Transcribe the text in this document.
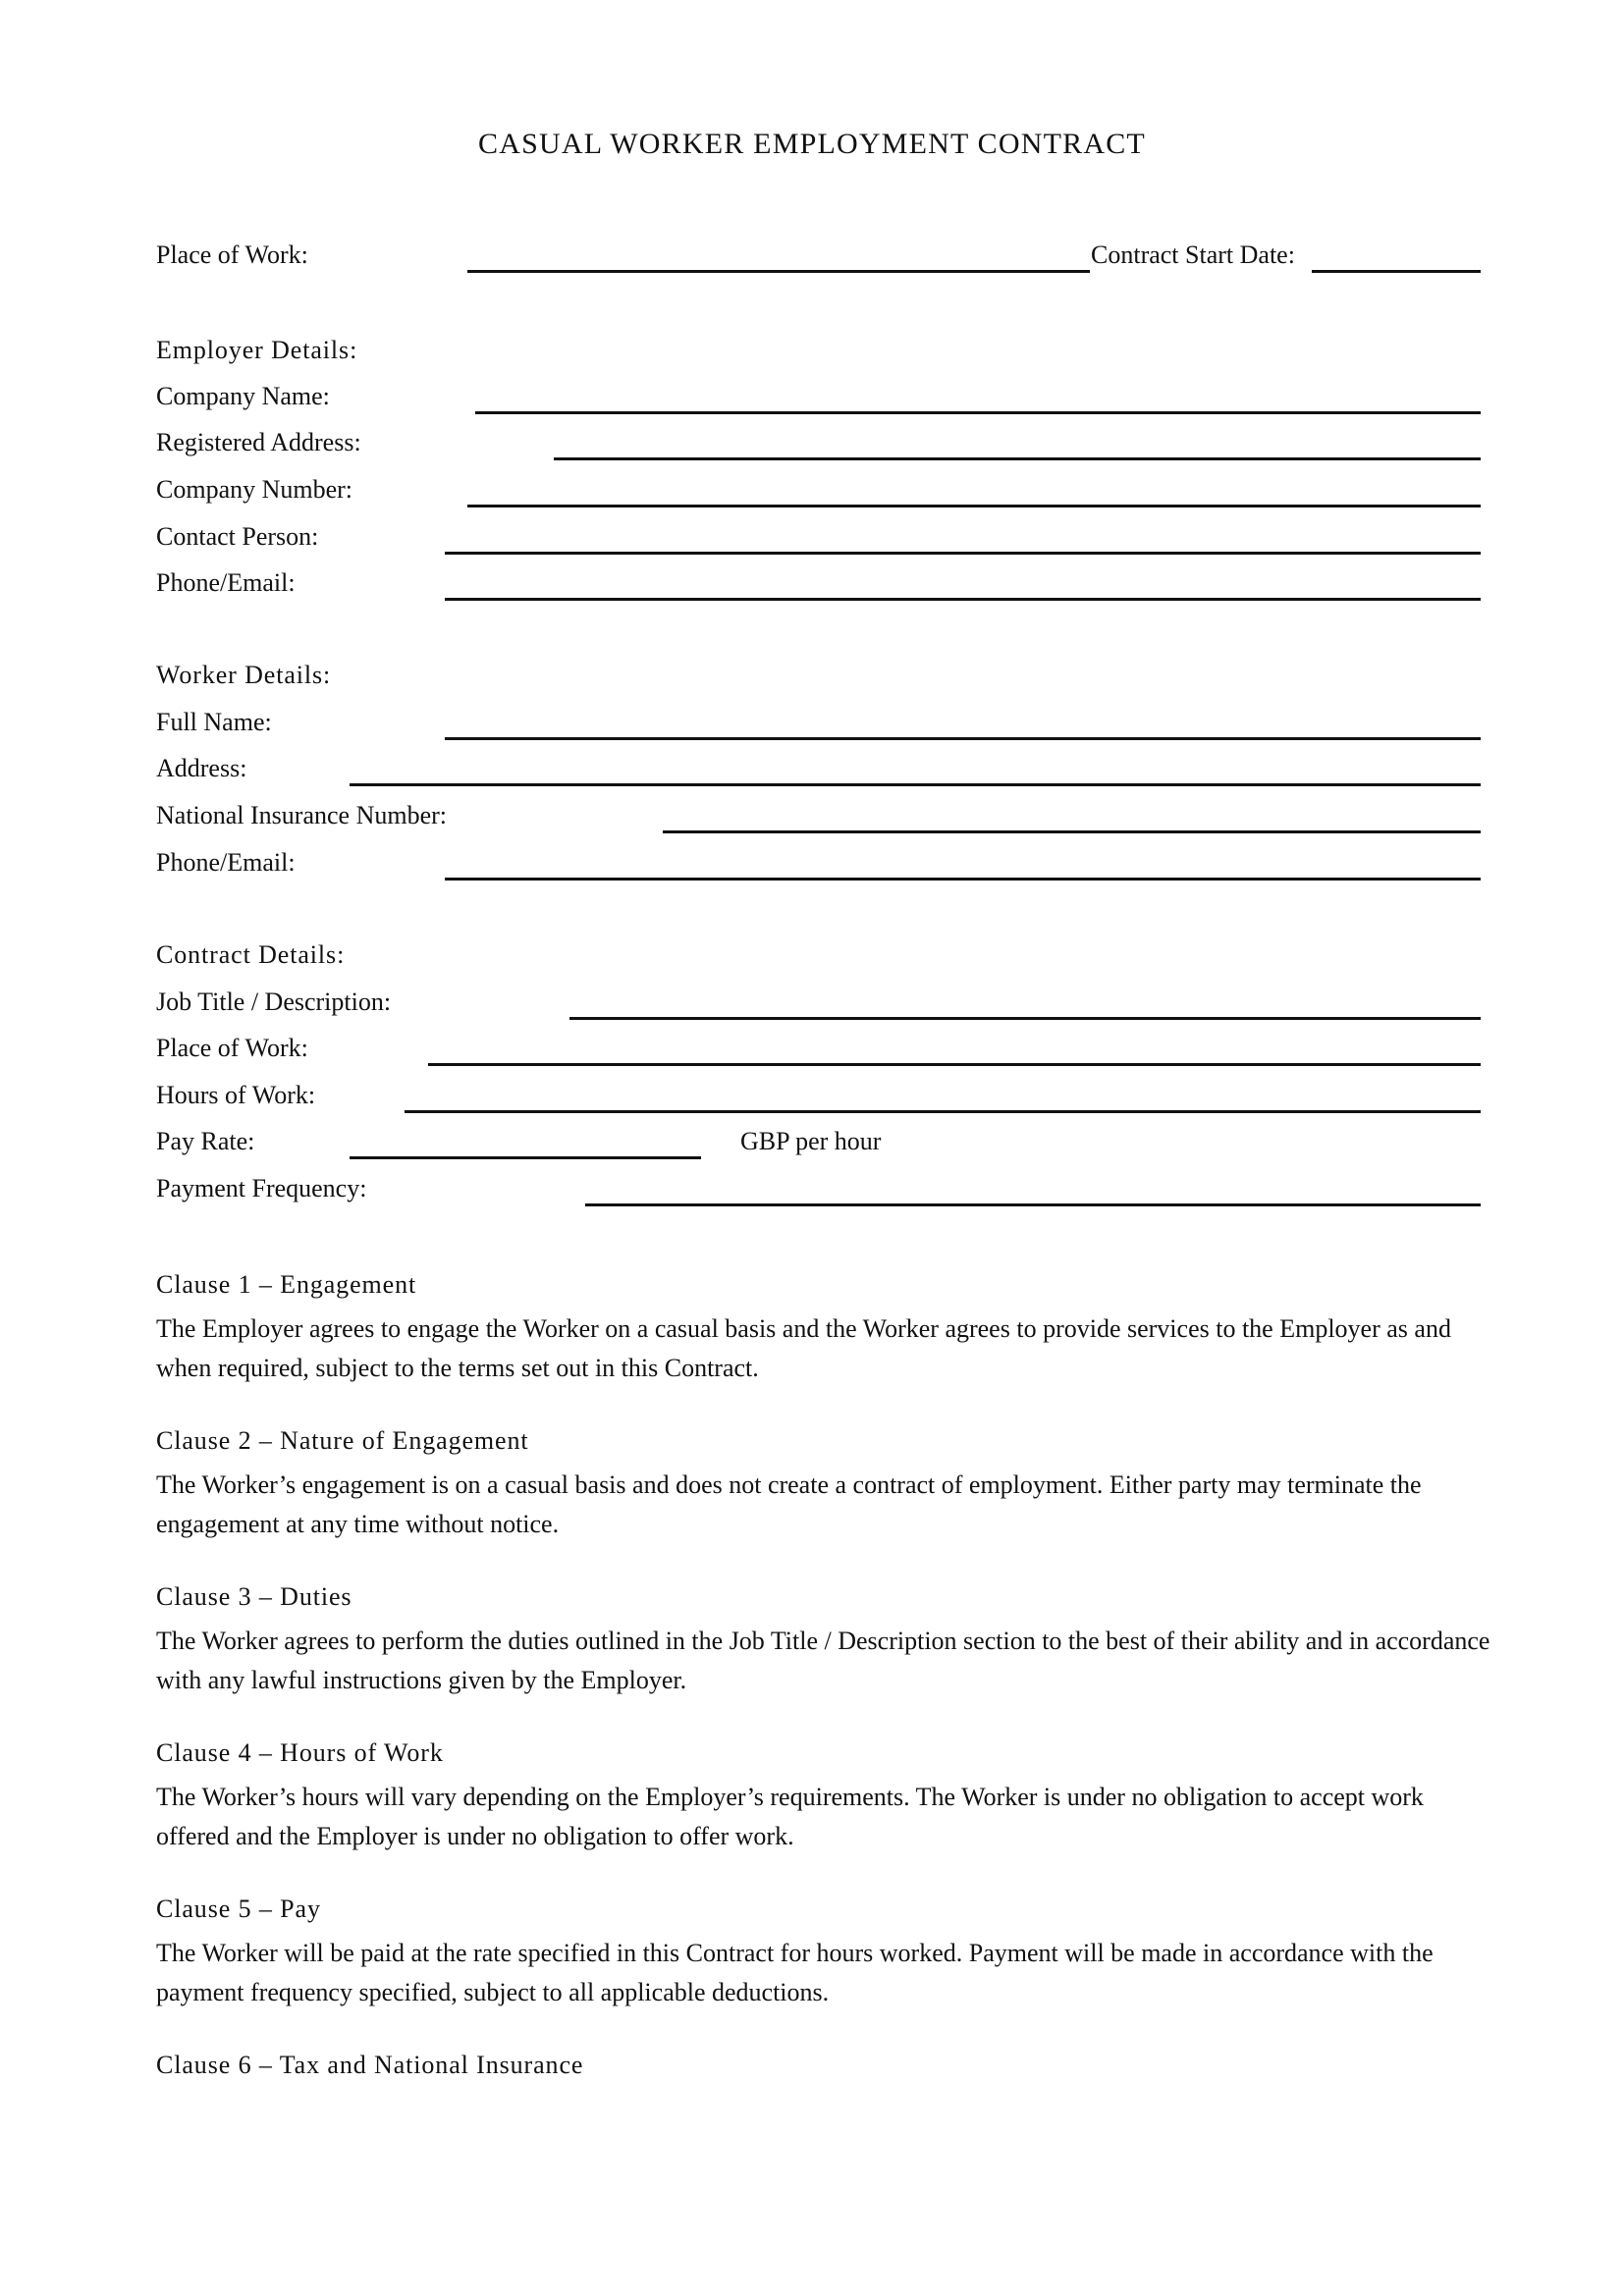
CASUAL WORKER EMPLOYMENT CONTRACT
Place of Work:	Contract Start Date:
Employer Details:
Company Name:
Registered Address:
Company Number:
Contact Person:
Phone/Email:
Worker Details:
Full Name:
Address:
National Insurance Number:
Phone/Email:
Contract Details:
Job Title / Description:
Place of Work:
Hours of Work:
Pay Rate:	GBP per hour
Payment Frequency:
Clause 1 – Engagement

The Employer agrees to engage the Worker on a casual basis and the Worker agrees to provide services to the Employer as and when required, subject to the terms set out in this Contract.

Clause 2 – Nature of Engagement

The Worker’s engagement is on a casual basis and does not create a contract of employment. Either party may terminate the engagement at any time without notice.

Clause 3 – Duties

The Worker agrees to perform the duties outlined in the Job Title / Description section to the best of their ability and in accordance with any lawful instructions given by the Employer.

Clause 4 – Hours of Work

The Worker’s hours will vary depending on the Employer’s requirements. The Worker is under no obligation to accept work offered and the Employer is under no obligation to offer work.

Clause 5 – Pay

The Worker will be paid at the rate specified in this Contract for hours worked. Payment will be made in accordance with the payment frequency specified, subject to all applicable deductions.

Clause 6 – Tax and National Insurance
